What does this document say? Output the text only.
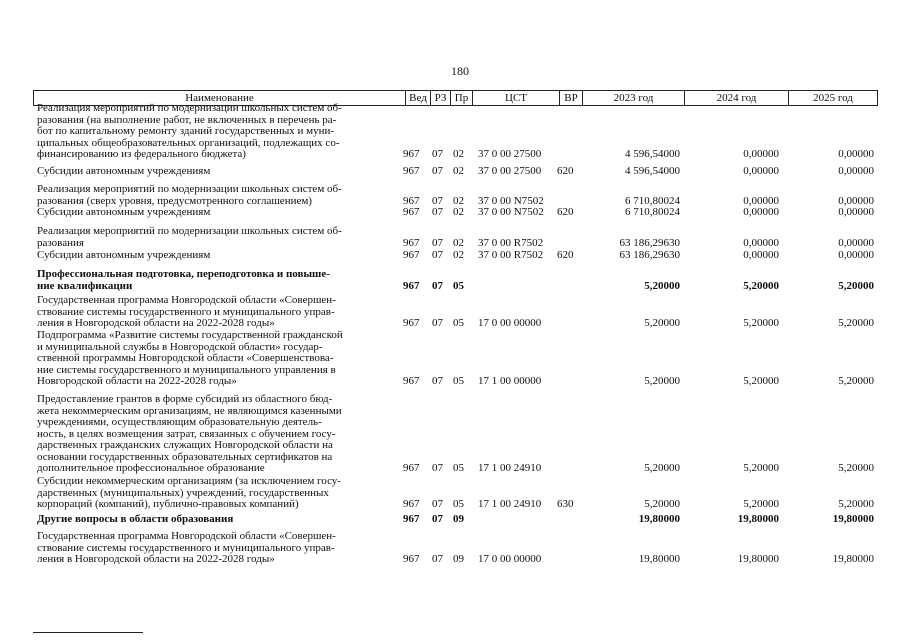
180
Наименование	Вед РЗ Пр	ЦСТ	ВР	2023 год	2024 год	2025 год
Реализация мероприятий по модернизации школьных систем об-
разования (на выполнение работ, не включенных в перечень ра-
бот по капитальному ремонту зданий государственных и муни-
ципальных общеобразовательных организаций, подлежащих со-
финансированию из федерального бюджета)	967 07 02 37 0 00 27500	4 596,54000	0,00000	0,00000
Субсидии автономным учреждениям	967 07 02 37 0 00 27500 620	4 596,54000	0,00000	0,00000
Реализация мероприятий по модернизации школьных систем об-
разования (сверх уровня, предусмотренного соглашением)	967 07 02 37 0 00 N7502	6 710,80024	0,00000	0,00000
Субсидии автономным учреждениям	967 07 02 37 0 00 N7502 620	6 710,80024	0,00000	0,00000
Реализация мероприятий по модернизации школьных систем об-
разования	967 07 02 37 0 00 R7502	63 186,29630	0,00000	0,00000
Субсидии автономным учреждениям	967 07 02 37 0 00 R7502 620	63 186,29630	0,00000	0,00000
Профессиональная подготовка, переподготовка и повыше-
ние квалификации	967 07 05	5,20000	5,20000	5,20000
Государственная программа Новгородской области «Совершен-
ствование системы государственного и муниципального управ-
ления в Новгородской области на 2022-2028 годы»	967 07 05 17 0 00 00000	5,20000	5,20000	5,20000
Подпрограмма «Развитие системы государственной гражданской
и муниципальной службы в Новгородской области» государ-
ственной программы Новгородской области «Совершенствова-
ние системы государственного и муниципального управления в
Новгородской области на 2022-2028 годы»	967 07 05 17 1 00 00000	5,20000	5,20000	5,20000
Предоставление грантов в форме субсидий из областного бюд-
жета некоммерческим организациям, не являющимся казенными
учреждениями, осуществляющим образовательную деятель-
ность, в целях возмещения затрат, связанных с обучением госу-
дарственных гражданских служащих Новгородской области на
основании государственных образовательных сертификатов на
дополнительное профессиональное образование	967 07 05 17 1 00 24910	5,20000	5,20000	5,20000
Субсидии некоммерческим организациям (за исключением госу-
дарственных (муниципальных) учреждений, государственных
корпораций (компаний), публично-правовых компаний)	967 07 05 17 1 00 24910 630	5,20000	5,20000	5,20000
Другие вопросы в области образования	967 07 09	19,80000	19,80000	19,80000
Государственная программа Новгородской области «Совершен-
ствование системы государственного и муниципального управ-
ления в Новгородской области на 2022-2028 годы»	967 07 09 17 0 00 00000	19,80000	19,80000	19,80000
